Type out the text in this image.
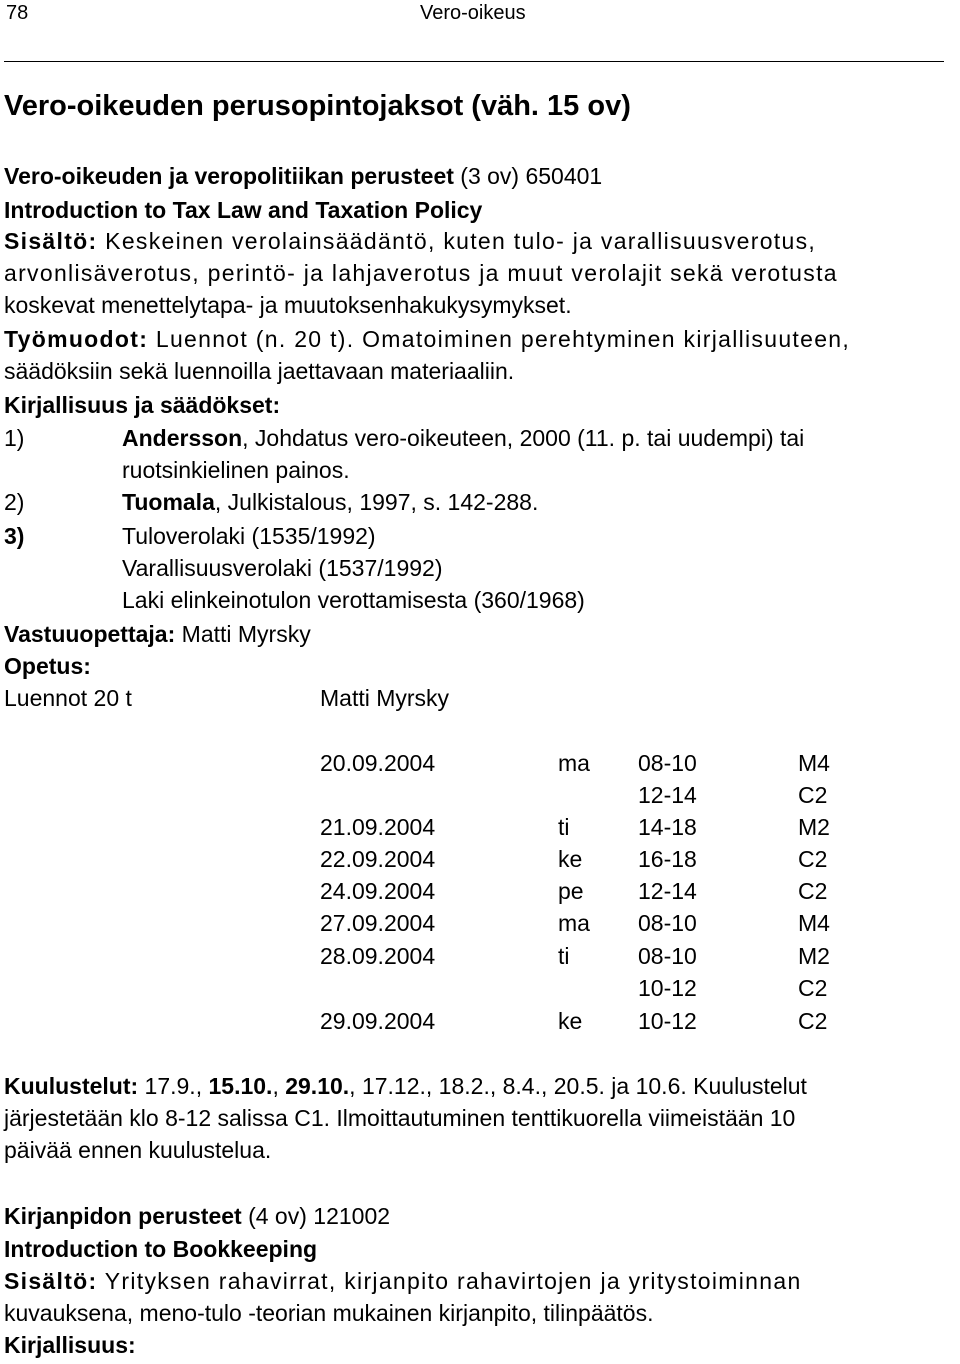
78	Vero-oikeus
Vero-oikeuden perusopintojaksot (väh. 15 ov)
Vero-oikeuden ja veropolitiikan perusteet (3 ov) 650401
Introduction to Tax Law and Taxation Policy
Sisältö: Keskeinen verolainsäädäntö, kuten tulo- ja varallisuusverotus,
arvonlisäverotus, perintö- ja lahjaverotus ja muut verolajit sekä verotusta
koskevat menettelytapa- ja muutoksenhakukysymykset.
Työmuodot: Luennot (n. 20 t). Omatoiminen perehtyminen kirjallisuuteen,
säädöksiin sekä luennoilla jaettavaan materiaaliin.
Kirjallisuus ja säädökset:
1)	Andersson, Johdatus vero-oikeuteen, 2000 (11. p. tai uudempi) tai
ruotsinkielinen painos.
2)	Tuomala, Julkistalous, 1997, s. 142-288.
3)	Tuloverolaki (1535/1992)
Varallisuusverolaki (1537/1992)
Laki elinkeinotulon verottamisesta (360/1968)
Vastuuopettaja: Matti Myrsky
Opetus:
Luennot 20 t	Matti Myrsky
20.09.2004	ma 08-10	M4
12-14	C2
21.09.2004	ti	14-18	M2
22.09.2004	ke 16-18	C2
24.09.2004	pe 12-14	C2
27.09.2004	ma 08-10	M4
28.09.2004	ti	08-10	M2
10-12	C2
29.09.2004	ke 10-12	C2
Kuulustelut: 17.9., 15.10., 29.10., 17.12., 18.2., 8.4., 20.5. ja 10.6. Kuulustelut
järjestetään klo 8-12 salissa C1. Ilmoittautuminen tenttikuorella viimeistään 10
päivää ennen kuulustelua.
Kirjanpidon perusteet (4 ov) 121002
Introduction to Bookkeeping
Sisältö: Yrityksen rahavirrat, kirjanpito rahavirtojen ja yritystoiminnan
kuvauksena, meno-tulo -teorian mukainen kirjanpito, tilinpäätös.
Kirjallisuus:
